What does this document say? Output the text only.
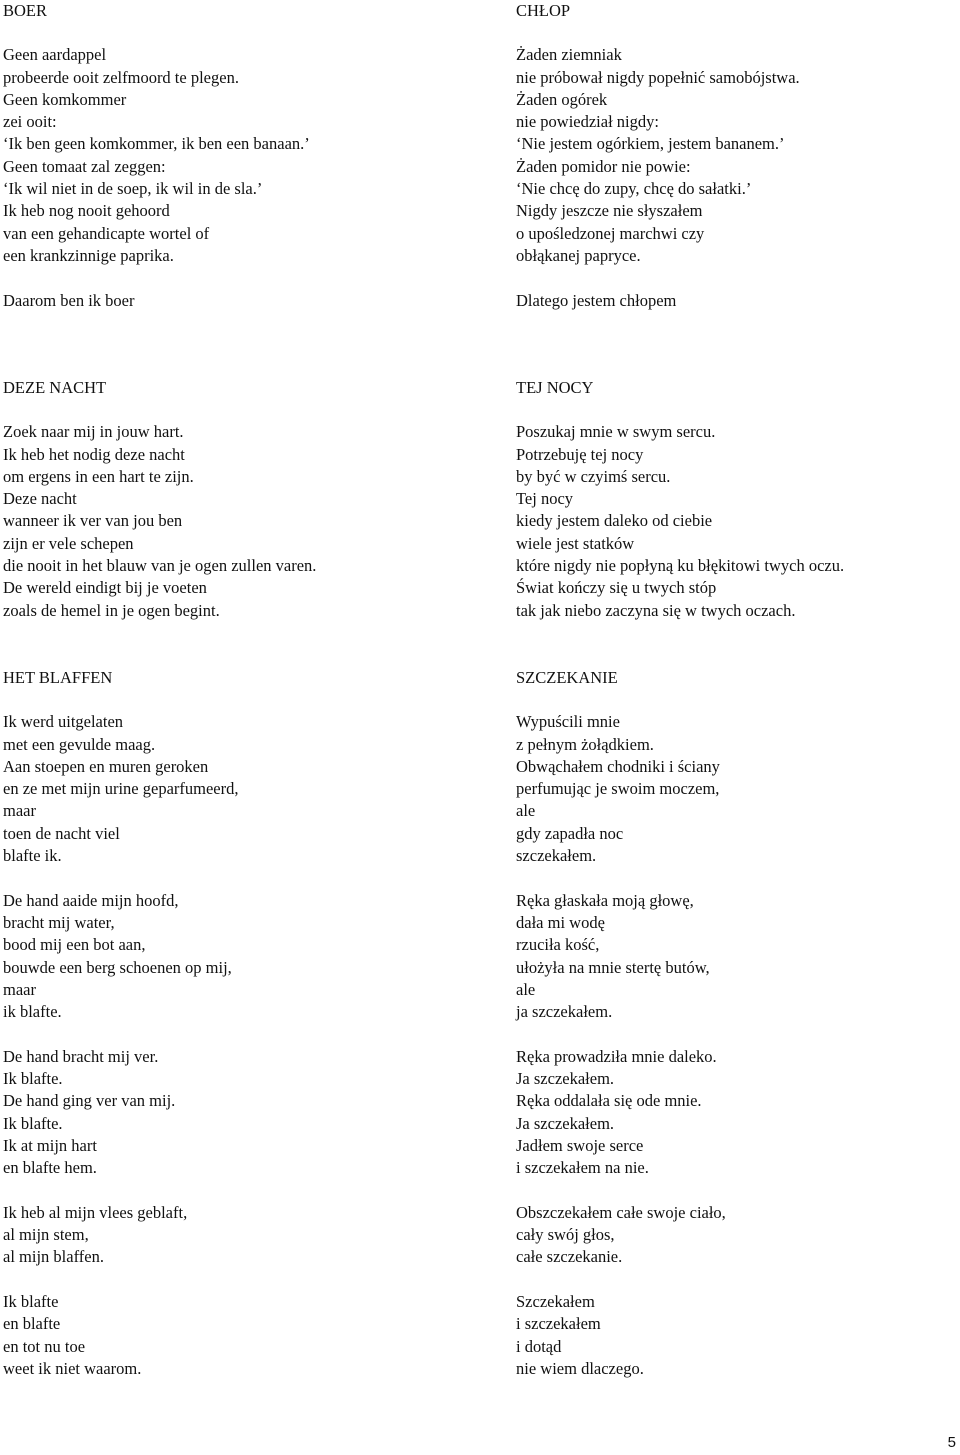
BOER
Geen aardappel
probeerde ooit zelfmoord te plegen.
Geen komkommer
zei ooit:
‘Ik ben geen komkommer, ik ben een banaan.’
Geen tomaat zal zeggen:
‘Ik wil niet in de soep, ik wil in de sla.’
Ik heb nog nooit gehoord
van een gehandicapte wortel of
een krankzinnige paprika.
Daarom ben ik boer
CHŁOP
Żaden ziemniak
nie próbował nigdy popełnić samobójstwa.
Żaden ogórek
nie powiedział nigdy:
‘Nie jestem ogórkiem, jestem bananem.’
Żaden pomidor nie powie:
‘Nie chcę do zupy, chcę do sałatki.’
Nigdy jeszcze nie słyszałem
o upośledzonej marchwi czy
obłąkanej papryce.
Dlatego jestem chłopem
DEZE NACHT
Zoek naar mij in jouw hart.
Ik heb het nodig deze nacht
om ergens in een hart te zijn.
Deze nacht
wanneer ik ver van jou ben
zijn er vele schepen
die nooit in het blauw van je ogen zullen varen.
De wereld eindigt bij je voeten
zoals de hemel in je ogen begint.
TEJ NOCY
Poszukaj mnie w swym sercu.
Potrzebuję tej nocy
by być w czyimś sercu.
Tej nocy
kiedy jestem daleko od ciebie
wiele jest statków
które nigdy nie popłyną ku błękitowi twych oczu.
Świat kończy się u twych stóp
tak jak niebo zaczyna się w twych oczach.
HET BLAFFEN
Ik werd uitgelaten
met een gevulde maag.
Aan stoepen en muren geroken
en ze met mijn urine geparfumeerd,
maar
toen de nacht viel
blafte ik.
De hand aaide mijn hoofd,
bracht mij water,
bood mij een bot aan,
bouwde een berg schoenen op mij,
maar
ik blafte.
De hand bracht mij ver.
Ik blafte.
De hand ging ver van mij.
Ik blafte.
Ik at mijn hart
en blafte hem.
Ik heb al mijn vlees geblaft,
al mijn stem,
al mijn blaffen.
Ik blafte
en blafte
en tot nu toe
weet ik niet waarom.
SZCZEKANIE
Wypuścili mnie
z pełnym żołądkiem.
Obwąchałem chodniki i ściany
perfumując je swoim moczem,
ale
gdy zapadła noc
szczekałem.
Ręka głaskała moją głowę,
dała mi wodę
rzuciła kość,
ułożyła na mnie stertę butów,
ale
ja szczekałem.
Ręka prowadziła mnie daleko.
Ja szczekałem.
Ręka oddalała się ode mnie.
Ja szczekałem.
Jadłem swoje serce
i szczekałem na nie.
Obszczekałem całe swoje ciało,
cały swój głos,
całe szczekanie.
Szczekałem
i szczekałem
i dotąd
nie wiem dlaczego.
5
